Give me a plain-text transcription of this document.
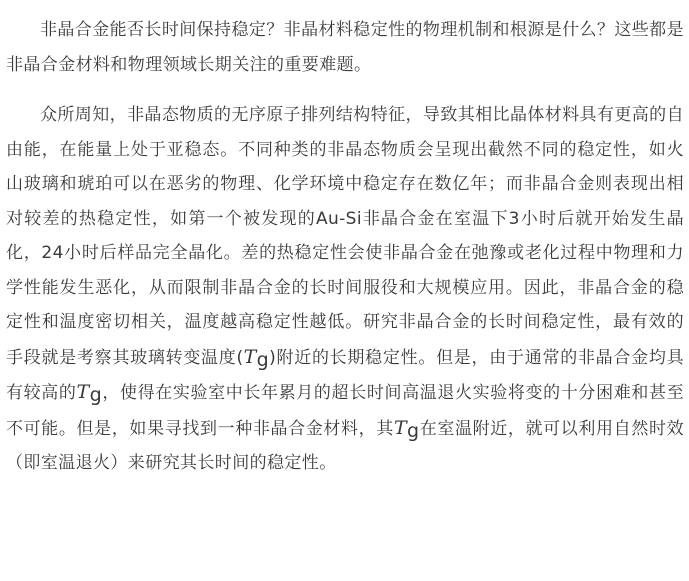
非晶合金能否长时间保持稳定？非晶材料稳定性的物理机制和根源是什么？这些都是非晶合金材料和物理领域长期关注的重要难题。

众所周知，非晶态物质的无序原子排列结构特征，导致其相比晶体材料具有更高的自由能，在能量上处于亚稳态。不同种类的非晶态物质会呈现出截然不同的稳定性，如火山玻璃和琥珀可以在恶劣的物理、化学环境中稳定存在数亿年；而非晶合金则表现出相对较差的热稳定性，如第一个被发现的Au-Si非晶合金在室温下3小时后就开始发生晶化，24小时后样品完全晶化。差的热稳定性会使非晶合金在弛豫或老化过程中物理和力学性能发生恶化，从而限制非晶合金的长时间服役和大规模应用。因此，非晶合金的稳定性和温度密切相关，温度越高稳定性越低。研究非晶合金的长时间稳定性，最有效的手段就是考察其玻璃转变温度$(T_g)$附近的长期稳定性。但是，由于通常的非晶合金均具有较高的$T_g$，使得在实验室中长年累月的超长时间高温退火实验将变的十分困难和甚至不可能。但是，如果寻找到一种非晶合金材料，其$T_g$在室温附近，就可以利用自然时效（即室温退火）来研究其长时间的稳定性。
